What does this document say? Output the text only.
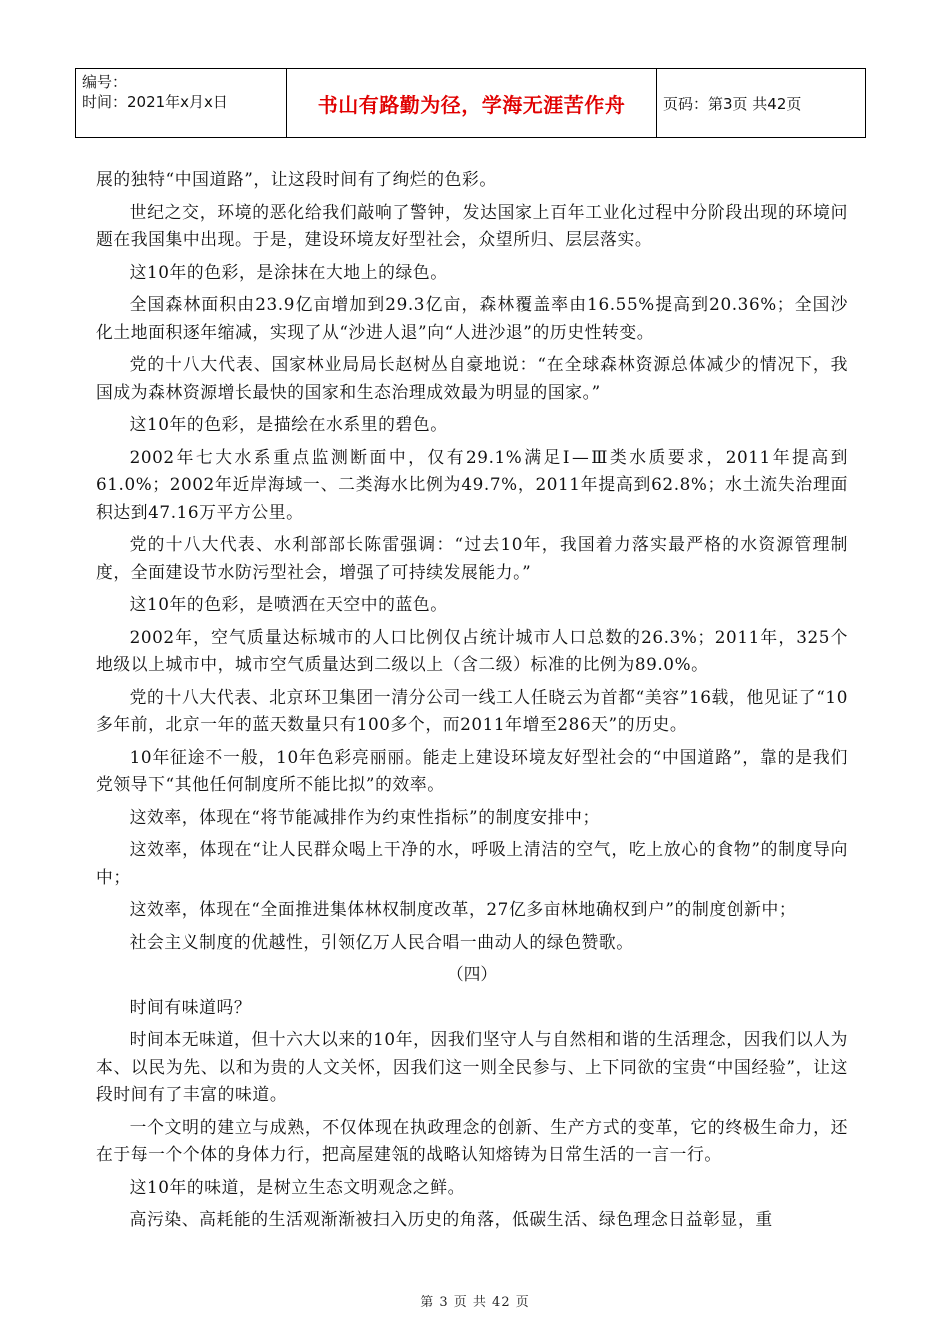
编号：
时间：2021年x月x日	书山有路勤为径，学海无涯苦作舟	页码：第3页 共42页

展的独特“中国道路”，让这段时间有了绚烂的色彩。

世纪之交，环境的恶化给我们敲响了警钟，发达国家上百年工业化过程中分阶段出现的环境问题在我国集中出现。于是，建设环境友好型社会，众望所归、层层落实。

这10年的色彩，是涂抹在大地上的绿色。

全国森林面积由23.9亿亩增加到29.3亿亩，森林覆盖率由16.55%提高到20.36%；全国沙化土地面积逐年缩减，实现了从“沙进人退”向“人进沙退”的历史性转变。

党的十八大代表、国家林业局局长赵树丛自豪地说：“在全球森林资源总体减少的情况下，我国成为森林资源增长最快的国家和生态治理成效最为明显的国家。”

这10年的色彩，是描绘在水系里的碧色。

2002年七大水系重点监测断面中，仅有29.1%满足Ⅰ—Ⅲ类水质要求，2011年提高到61.0%；2002年近岸海域一、二类海水比例为49.7%，2011年提高到62.8%；水土流失治理面积达到47.16万平方公里。

党的十八大代表、水利部部长陈雷强调：“过去10年，我国着力落实最严格的水资源管理制度，全面建设节水防污型社会，增强了可持续发展能力。”

这10年的色彩，是喷洒在天空中的蓝色。

2002年，空气质量达标城市的人口比例仅占统计城市人口总数的26.3%；2011年，325个地级以上城市中，城市空气质量达到二级以上（含二级）标准的比例为89.0%。

党的十八大代表、北京环卫集团一清分公司一线工人任晓云为首都“美容”16载，他见证了“10多年前，北京一年的蓝天数量只有100多个，而2011年增至286天”的历史。

10年征途不一般，10年色彩亮丽丽。能走上建设环境友好型社会的“中国道路”，靠的是我们党领导下“其他任何制度所不能比拟”的效率。

这效率，体现在“将节能减排作为约束性指标”的制度安排中；

这效率，体现在“让人民群众喝上干净的水，呼吸上清洁的空气，吃上放心的食物”的制度导向中；

这效率，体现在“全面推进集体林权制度改革，27亿多亩林地确权到户”的制度创新中；

社会主义制度的优越性，引领亿万人民合唱一曲动人的绿色赞歌。

（四）

时间有味道吗？

时间本无味道，但十六大以来的10年，因我们坚守人与自然相和谐的生活理念，因我们以人为本、以民为先、以和为贵的人文关怀，因我们这一则全民参与、上下同欲的宝贵“中国经验”，让这段时间有了丰富的味道。

一个文明的建立与成熟，不仅体现在执政理念的创新、生产方式的变革，它的终极生命力，还在于每一个个体的身体力行，把高屋建瓴的战略认知熔铸为日常生活的一言一行。

这10年的味道，是树立生态文明观念之鲜。

高污染、高耗能的生活观渐渐被扫入历史的角落，低碳生活、绿色理念日益彰显，重

第 3 页 共 42 页
